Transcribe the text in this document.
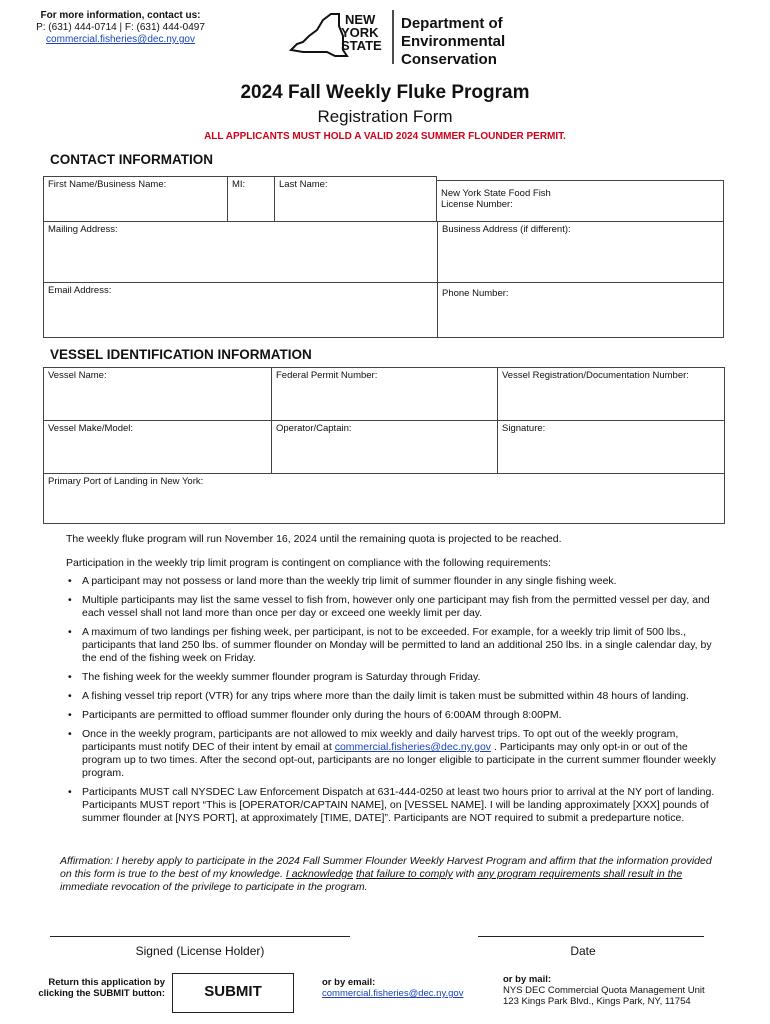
For more information, contact us:
P: (631) 444-0714 | F: (631) 444-0497
commercial.fisheries@dec.ny.gov
NEW
YORK
STATE
Department of
Environmental
Conservation
2024 Fall Weekly Fluke Program
Registration Form
ALL APPLICANTS MUST HOLD A VALID 2024 SUMMER FLOUNDER PERMIT.
CONTACT INFORMATION
First Name/Business Name:	MI:	Last Name:
New York State Food Fish
License Number:
Mailing Address:	Business Address (if different):
Email Address:	Phone Number:
VESSEL IDENTIFICATION INFORMATION
Vessel Name:	Federal Permit Number:	Vessel Registration/Documentation Number:
Vessel Make/Model:	Operator/Captain:	Signature:
Primary Port of Landing in New York:
The weekly fluke program will run November 16, 2024 until the remaining quota is projected to be reached.
Participation in the weekly trip limit program is contingent on compliance with the following requirements:
• A participant may not possess or land more than the weekly trip limit of summer flounder in any single fishing week.
• Multiple participants may list the same vessel to fish from, however only one participant may fish from the permitted vessel per day, and each vessel shall not land more than once per day or exceed one weekly limit per day.
• A maximum of two landings per fishing week, per participant, is not to be exceeded. For example, for a weekly trip limit of 500 lbs., participants that land 250 lbs. of summer flounder on Monday will be permitted to land an additional 250 lbs. in a single calendar day, by the end of the fishing week on Friday.
• The fishing week for the weekly summer flounder program is Saturday through Friday.
• A fishing vessel trip report (VTR) for any trips where more than the daily limit is taken must be submitted within 48 hours of landing.
• Participants are permitted to offload summer flounder only during the hours of 6:00AM through 8:00PM.
• Once in the weekly program, participants are not allowed to mix weekly and daily harvest trips. To opt out of the weekly program, participants must notify DEC of their intent by email at commercial.fisheries@dec.ny.gov . Participants may only opt-in or out of the program up to two times. After the second opt-out, participants are no longer eligible to participate in the current summer flounder weekly program.
• Participants MUST call NYSDEC Law Enforcement Dispatch at 631-444-0250 at least two hours prior to arrival at the NY port of landing. Participants MUST report “This is [OPERATOR/CAPTAIN NAME], on [VESSEL NAME]. I will be landing approximately [XXX] pounds of summer flounder at [NYS PORT], at approximately [TIME, DATE]”. Participants are NOT required to submit a predeparture notice.
Affirmation: I hereby apply to participate in the 2024 Fall Summer Flounder Weekly Harvest Program and affirm that the information provided on this form is true to the best of my knowledge. I acknowledge that failure to comply with any program requirements shall result in the immediate revocation of the privilege to participate in the program.
Signed (License Holder)	Date
Return this application by
clicking the SUBMIT button:	SUBMIT
or by email:
commercial.fisheries@dec.ny.gov
or by mail:
NYS DEC Commercial Quota Management Unit
123 Kings Park Blvd., Kings Park, NY, 11754
